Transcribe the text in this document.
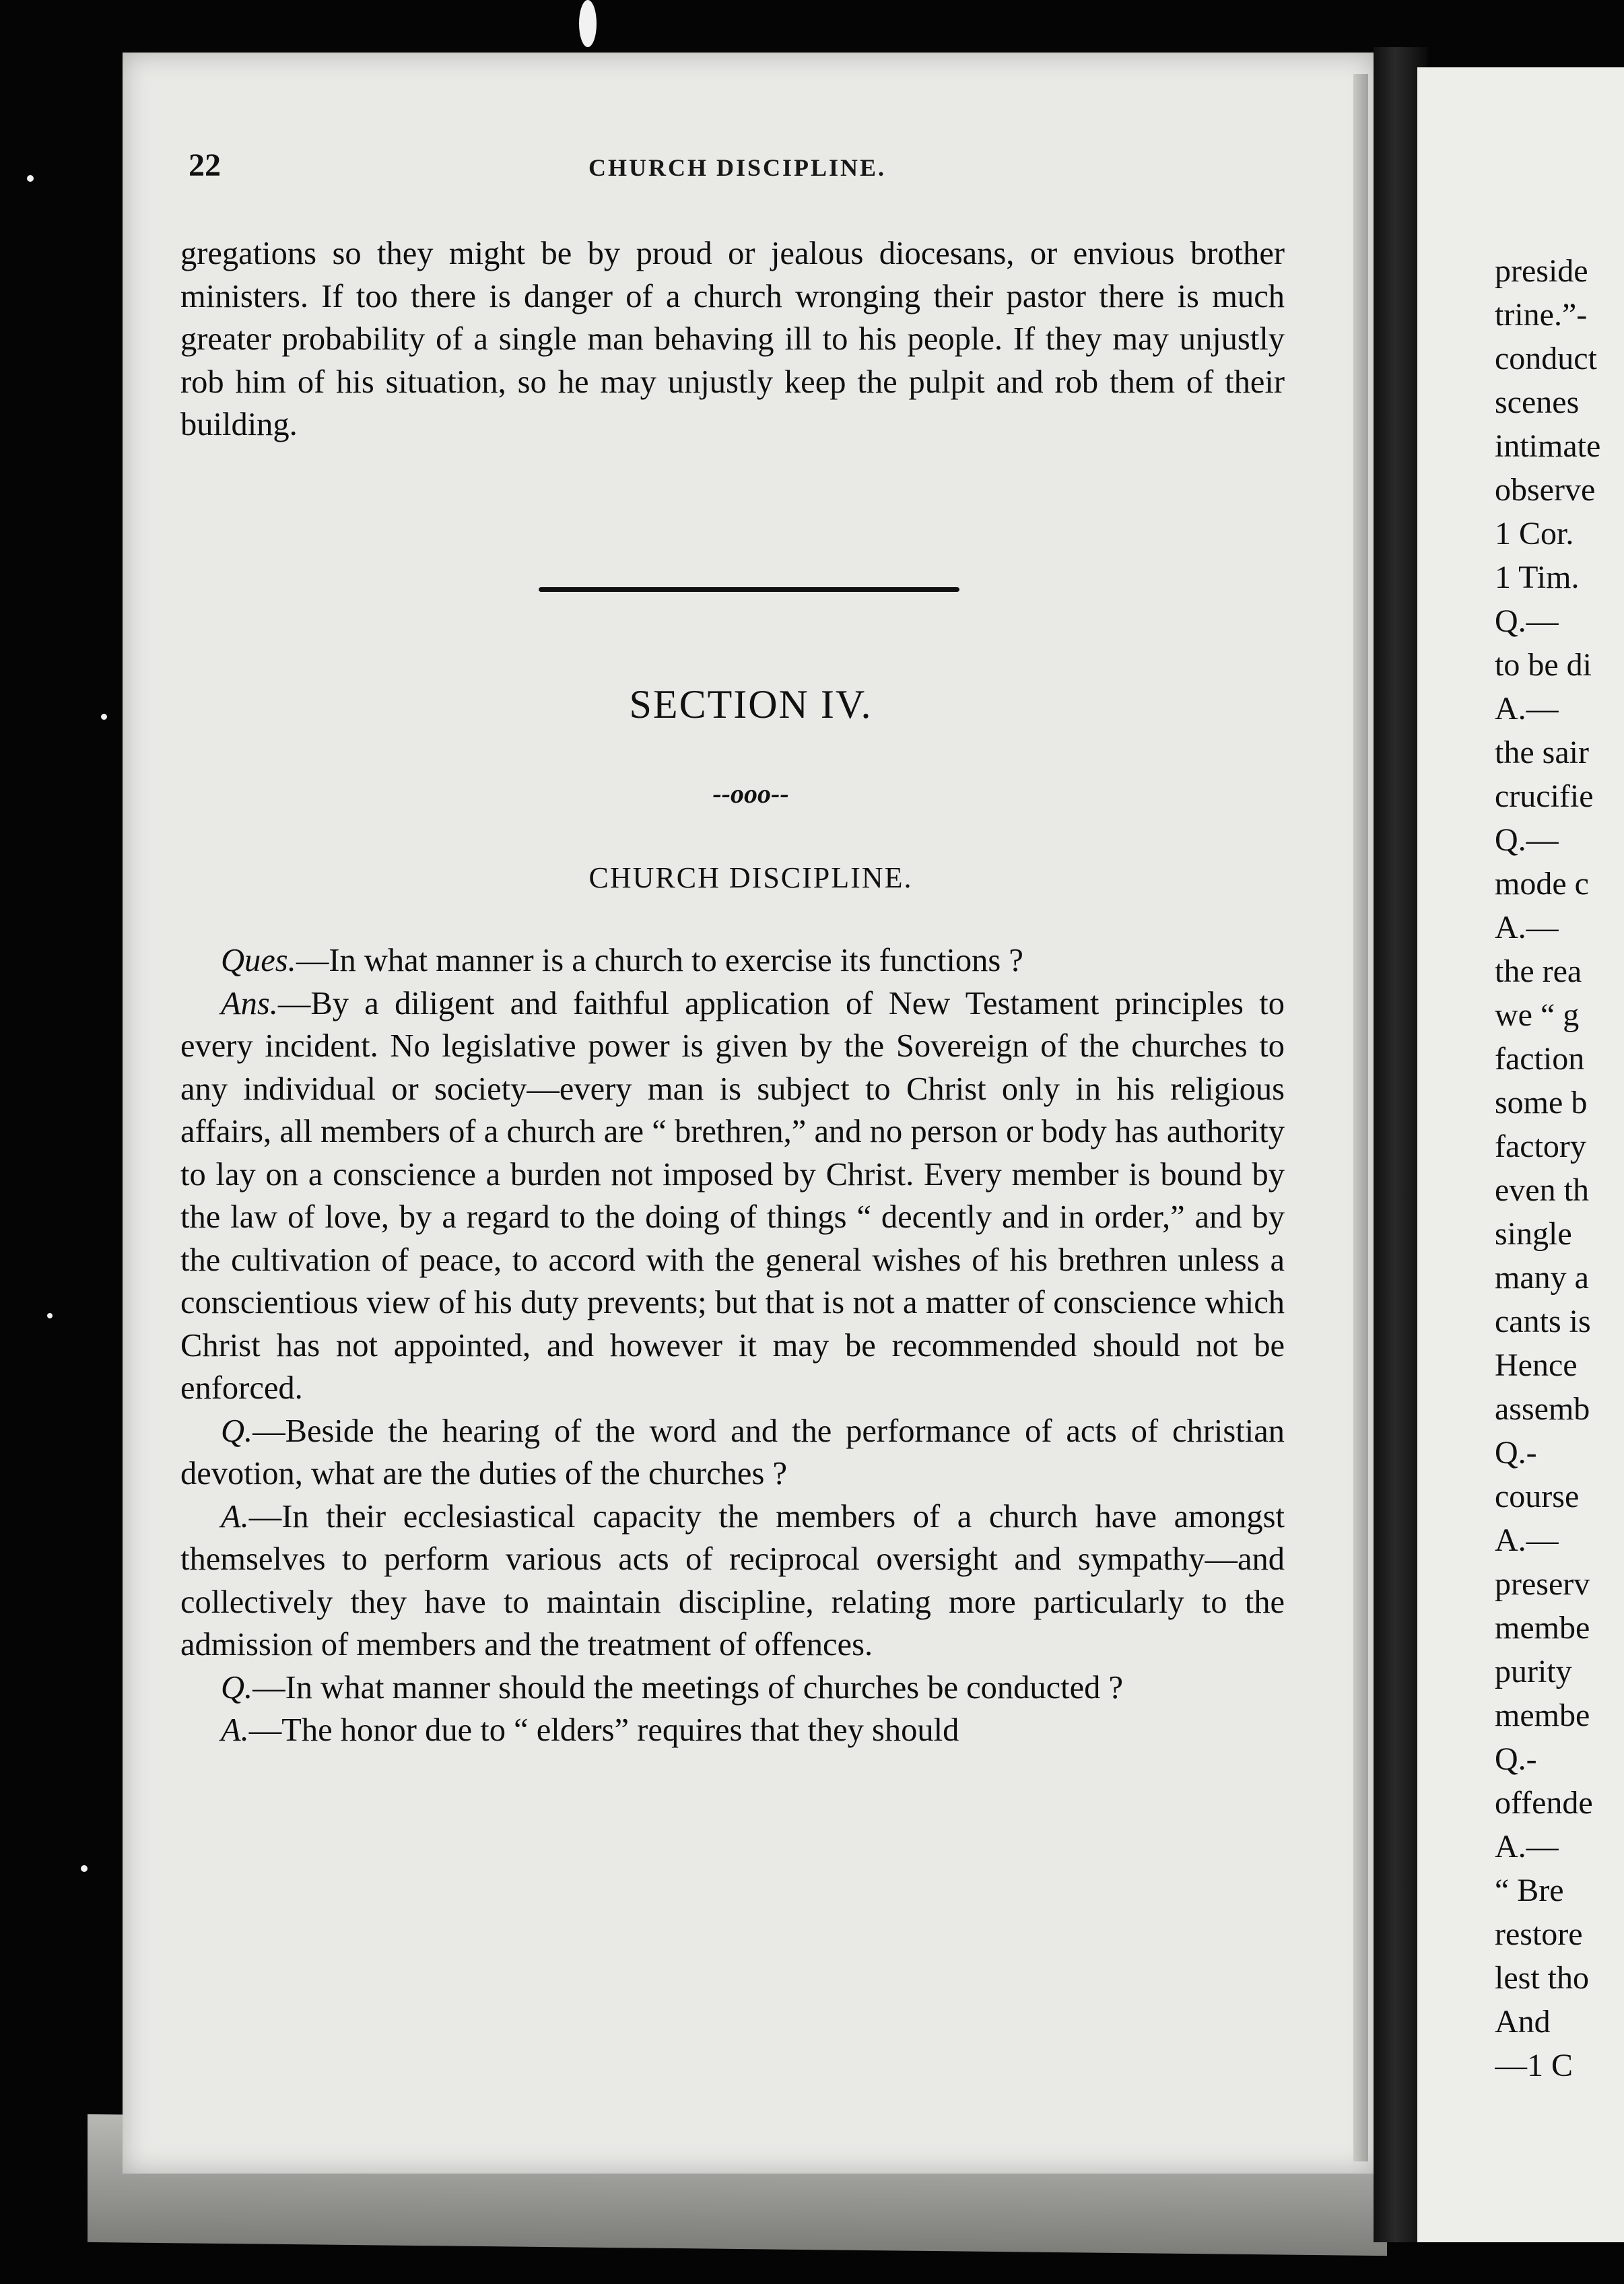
22	CHURCH DISCIPLINE.

gregations so they might be by proud or jealous diocesans, or envious brother ministers. If too there is danger of a church wronging their pastor there is much greater probability of a single man behaving ill to his people. If they may unjustly rob him of his situation, so he may unjustly keep the pulpit and rob them of their building.

SECTION IV.
--ooo--
CHURCH DISCIPLINE.

Ques.—In what manner is a church to exercise its functions ?

Ans.—By a diligent and faithful application of New Testament principles to every incident. No legislative power is given by the Sovereign of the churches to any individual or society—every man is subject to Christ only in his religious affairs, all members of a church are “ brethren,” and no person or body has authority to lay on a conscience a burden not imposed by Christ. Every member is bound by the law of love, by a regard to the doing of things “ decently and in order,” and by the cultivation of peace, to accord with the general wishes of his brethren unless a conscientious view of his duty prevents; but that is not a matter of conscience which Christ has not appointed, and however it may be recommended should not be enforced.

Q.—Beside the hearing of the word and the performance of acts of christian devotion, what are the duties of the churches ?

A.—In their ecclesiastical capacity the members of a church have amongst themselves to perform various acts of reciprocal oversight and sympathy—and collectively they have to maintain discipline, relating more particularly to the admission of members and the treatment of offences.

Q.—In what manner should the meetings of churches be conducted ?

A.—The honor due to “ elders” requires that they should

preside
trine.”-
conduct
scenes
intimate
observe
1 Cor.
1 Tim.
Q.—
to be di
A.—
the sair
crucifie
Q.—
mode c
A.—
the rea
we “ g
faction
some b
factory
even th
single
many a
cants is
Hence
assemb
Q.-
course
A.—
preserv
membe
purity
membe
Q.-
offende
A.—
“ Bre
restore
lest tho
And
—1 C
